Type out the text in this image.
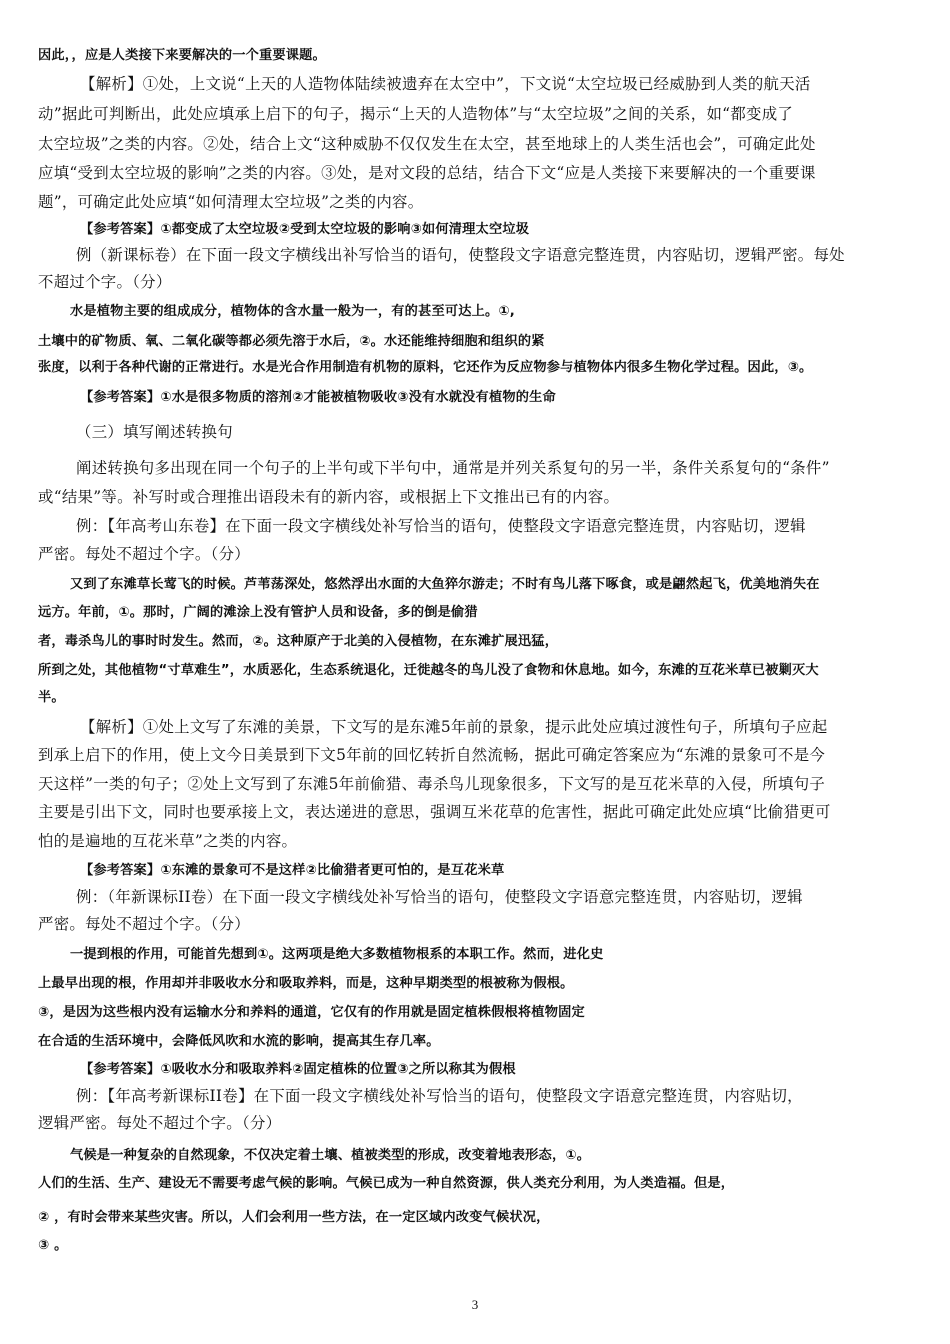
因此，，应是人类接下来要解决的一个重要课题。
【解析】①处，上文说“上天的人造物体陆续被遗弃在太空中”，下文说“太空垃圾已经威胁到人类的航天活
动”据此可判断出，此处应填承上启下的句子，揭示“上天的人造物体”与“太空垃圾”之间的关系，如“都变成了
太空垃圾”之类的内容。②处，结合上文“这种威胁不仅仅发生在太空，甚至地球上的人类生活也会”，可确定此处
应填“受到太空垃圾的影响”之类的内容。③处，是对文段的总结，结合下文“应是人类接下来要解决的一个重要课
题”，可确定此处应填“如何清理太空垃圾”之类的内容。
【参考答案】①都变成了太空垃圾②受到太空垃圾的影响③如何清理太空垃圾
例（新课标卷）在下面一段文字横线出补写恰当的语句，使整段文字语意完整连贯，内容贴切，逻辑严密。每处
不超过个字。（分）
水是植物主要的组成成分，植物体的含水量一般为一，有的甚至可达上。①,
土壤中的矿物质、氧、二氧化碳等都必须先溶于水后，②。水还能维持细胞和组织的紧
张度，以利于各种代谢的正常进行。水是光合作用制造有机物的原料，它还作为反应物参与植物体内很多生物化学过程。因此，③。
【参考答案】①水是很多物质的溶剂②才能被植物吸收③没有水就没有植物的生命
（三）填写阐述转换句
阐述转换句多出现在同一个句子的上半句或下半句中，通常是并列关系复句的另一半，条件关系复句的“条件”
或“结果”等。补写时或合理推出语段未有的新内容，或根据上下文推出已有的内容。
例：【年高考山东卷】在下面一段文字横线处补写恰当的语句，使整段文字语意完整连贯，内容贴切，逻辑
严密。每处不超过个字。（分）
又到了东滩草长莺飞的时候。芦苇荡深处，悠然浮出水面的大鱼猝尔游走；不时有鸟儿落下啄食，或是翩然起飞，优美地消失在
远方。年前，①。那时，广阔的滩涂上没有管护人员和设备，多的倒是偷猎
者，毒杀鸟儿的事时时发生。然而，②。这种原产于北美的入侵植物，在东滩扩展迅猛，
所到之处，其他植物“寸草难生”，水质恶化，生态系统退化，迁徙越冬的鸟儿没了食物和休息地。如今，东滩的互花米草已被剿灭大
半。
【解析】①处上文写了东滩的美景，下文写的是东滩5年前的景象，提示此处应填过渡性句子，所填句子应起
到承上启下的作用，使上文今日美景到下文5年前的回忆转折自然流畅，据此可确定答案应为“东滩的景象可不是今
天这样”一类的句子；②处上文写到了东滩5年前偷猎、毒杀鸟儿现象很多，下文写的是互花米草的入侵，所填句子
主要是引出下文，同时也要承接上文，表达递进的意思，强调互米花草的危害性，据此可确定此处应填“比偷猎更可
怕的是遍地的互花米草”之类的内容。
【参考答案】①东滩的景象可不是这样②比偷猎者更可怕的，是互花米草
例：（年新课标II卷）在下面一段文字横线处补写恰当的语句，使整段文字语意完整连贯，内容贴切，逻辑
严密。每处不超过个字。（分）
一提到根的作用，可能首先想到①。这两项是绝大多数植物根系的本职工作。然而，进化史
上最早出现的根，作用却并非吸收水分和吸取养料，而是，这种早期类型的根被称为假根。
③，是因为这些根内没有运输水分和养料的通道，它仅有的作用就是固定植株假根将植物固定
在合适的生活环境中，会降低风吹和水流的影响，提高其生存几率。
【参考答案】①吸收水分和吸取养料②固定植株的位置③之所以称其为假根
例：【年高考新课标II卷】在下面一段文字横线处补写恰当的语句，使整段文字语意完整连贯，内容贴切，
逻辑严密。每处不超过个字。（分）
气候是一种复杂的自然现象，不仅决定着土壤、植被类型的形成，改变着地表形态，①。
人们的生活、生产、建设无不需要考虑气候的影响。气候已成为一种自然资源，供人类充分利用，为人类造福。但是，
② ，有时会带来某些灾害。所以，人们会利用一些方法，在一定区域内改变气候状况，
③ 。
3
